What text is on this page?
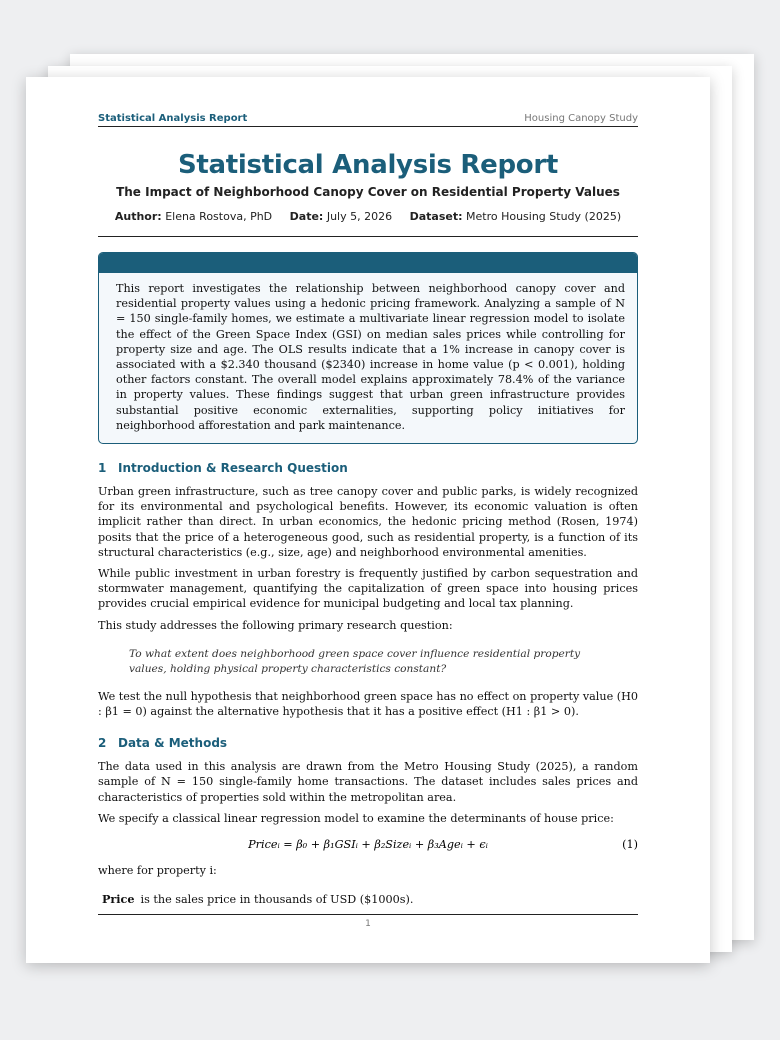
Statistical Analysis Report	Housing Canopy Study
Statistical Analysis Report
The Impact of Neighborhood Canopy Cover on Residential Property Values
Author: Elena Rostova, PhD Date: July 5, 2026 Dataset: Metro Housing Study (2025)
This report investigates the relationship between neighborhood canopy cover and residential property values using a hedonic pricing framework. Analyzing a sample of N = 150 single-family homes, we estimate a multivariate linear regression model to isolate the effect of the Green Space Index (GSI) on median sales prices while controlling for property size and age. The OLS results indicate that a 1% increase in canopy cover is associated with a $2.340 thousand ($2340) increase in home value (p < 0.001), holding other factors constant. The overall model explains approximately 78.4% of the variance in property values. These findings suggest that urban green infrastructure provides substantial positive economic externalities, supporting policy initiatives for neighborhood afforestation and park maintenance.
1 Introduction & Research Question

Urban green infrastructure, such as tree canopy cover and public parks, is widely recognized for its environmental and psychological benefits. However, its economic valuation is often implicit rather than direct. In urban economics, the hedonic pricing method (Rosen, 1974) posits that the price of a heterogeneous good, such as residential property, is a function of its structural characteristics (e.g., size, age) and neighborhood environmental amenities.

While public investment in urban forestry is frequently justified by carbon sequestration and stormwater management, quantifying the capitalization of green space into housing prices provides crucial empirical evidence for municipal budgeting and local tax planning.

This study addresses the following primary research question:

To what extent does neighborhood green space cover influence residential property values, holding physical property characteristics constant?

We test the null hypothesis that neighborhood green space has no effect on property value (H0 : β1 = 0) against the alternative hypothesis that it has a positive effect (H1 : β1 > 0).

2 Data & Methods

The data used in this analysis are drawn from the Metro Housing Study (2025), a random sample of N = 150 single-family home transactions. The dataset includes sales prices and characteristics of properties sold within the metropolitan area.

We specify a classical linear regression model to examine the determinants of house price:

Priceᵢ = β₀ + β₁GSIᵢ + β₂Sizeᵢ + β₃Ageᵢ + ϵᵢ	(1)

where for property i:

Price is the sales price in thousands of USD ($1000s).
1
